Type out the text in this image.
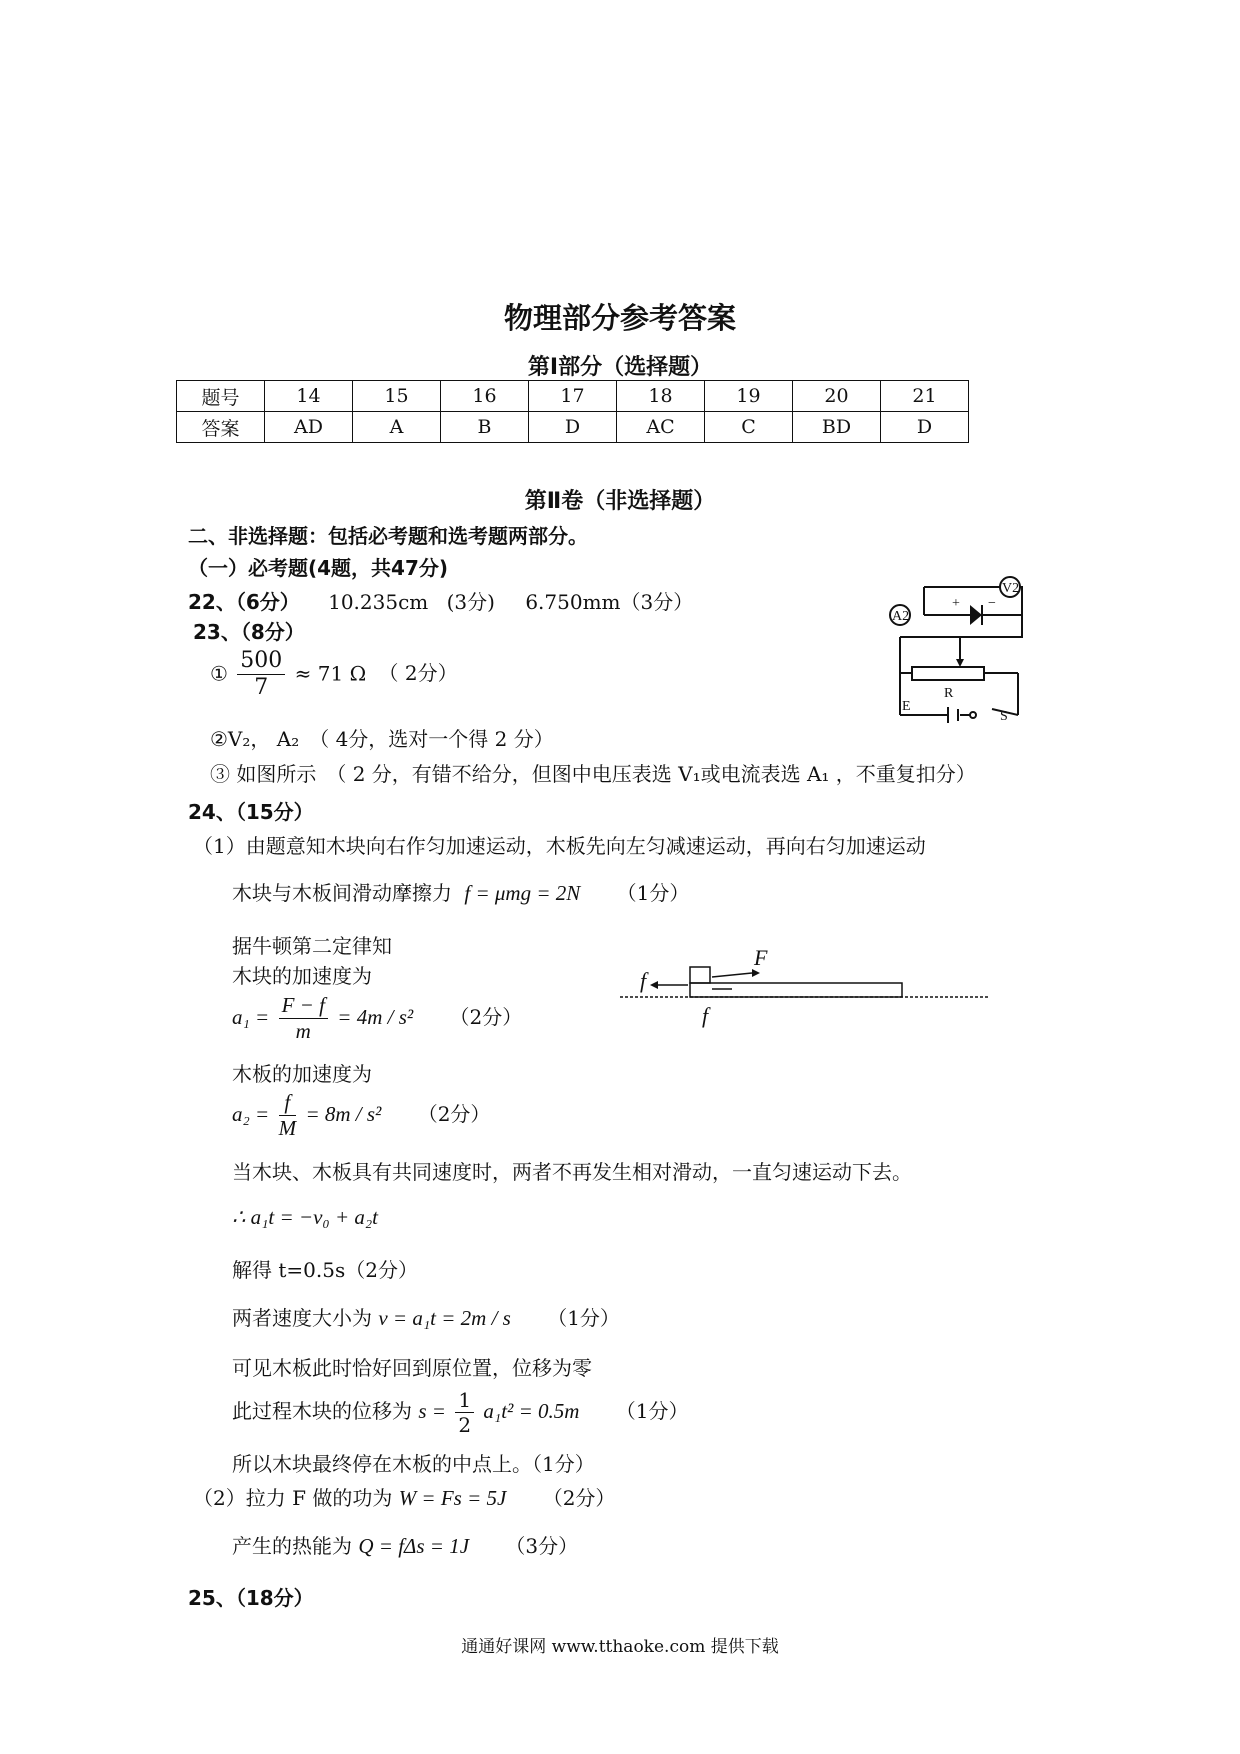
物理部分参考答案
第Ⅰ部分（选择题）
题号	14	15	16	17	18	19	20	21
答案	AD	A	B	D	AC	C	BD	D
第Ⅱ卷（非选择题）
二、非选择题：包括必考题和选考题两部分。
（一）必考题(4题，共47分)
22、（6分） 10.235cm (3分) 6.750mm（3分）
23、（8分）
① $\frac{500}{7} \approx 71$ Ω （ 2分）
②V₂， A₂　（ 4分，选对一个得 2 分）
③ 如图所示　（ 2 分，有错不给分，但图中电压表选 V₁或电流表选 A₁ ，不重复扣分）
V2
A2
+ −
R
E
S
24、（15分）
（1）由题意知木块向右作匀加速运动，木板先向左匀减速运动，再向右匀加速运动
木块与木板间滑动摩擦力 f = μmg = 2N （1分）
据牛顿第二定律知
木块的加速度为
$a_1 = \frac{F - f}{m} = 4m / s^2$ （2分）
f
F
f
木板的加速度为
$a_2 = \frac{f}{M} = 8m / s^2$ （2分）
当木块、木板具有共同速度时，两者不再发生相对滑动，一直匀速运动下去。
∴ a₁t = −v₀ + a₂t
解得 t=0.5s（2分）
两者速度大小为 v = a₁t = 2m / s （1分）
可见木板此时恰好回到原位置，位移为零
此过程木块的位移为 $s = \frac{1}{2} a_1t^2 = 0.5m$ （1分）
所以木块最终停在木板的中点上。（1分）
（2）拉力 F 做的功为 W = Fs = 5J （2分）
产生的热能为 Q = fΔs = 1J （3分）
25、（18分）
通通好课网 www.tthaoke.com 提供下载
